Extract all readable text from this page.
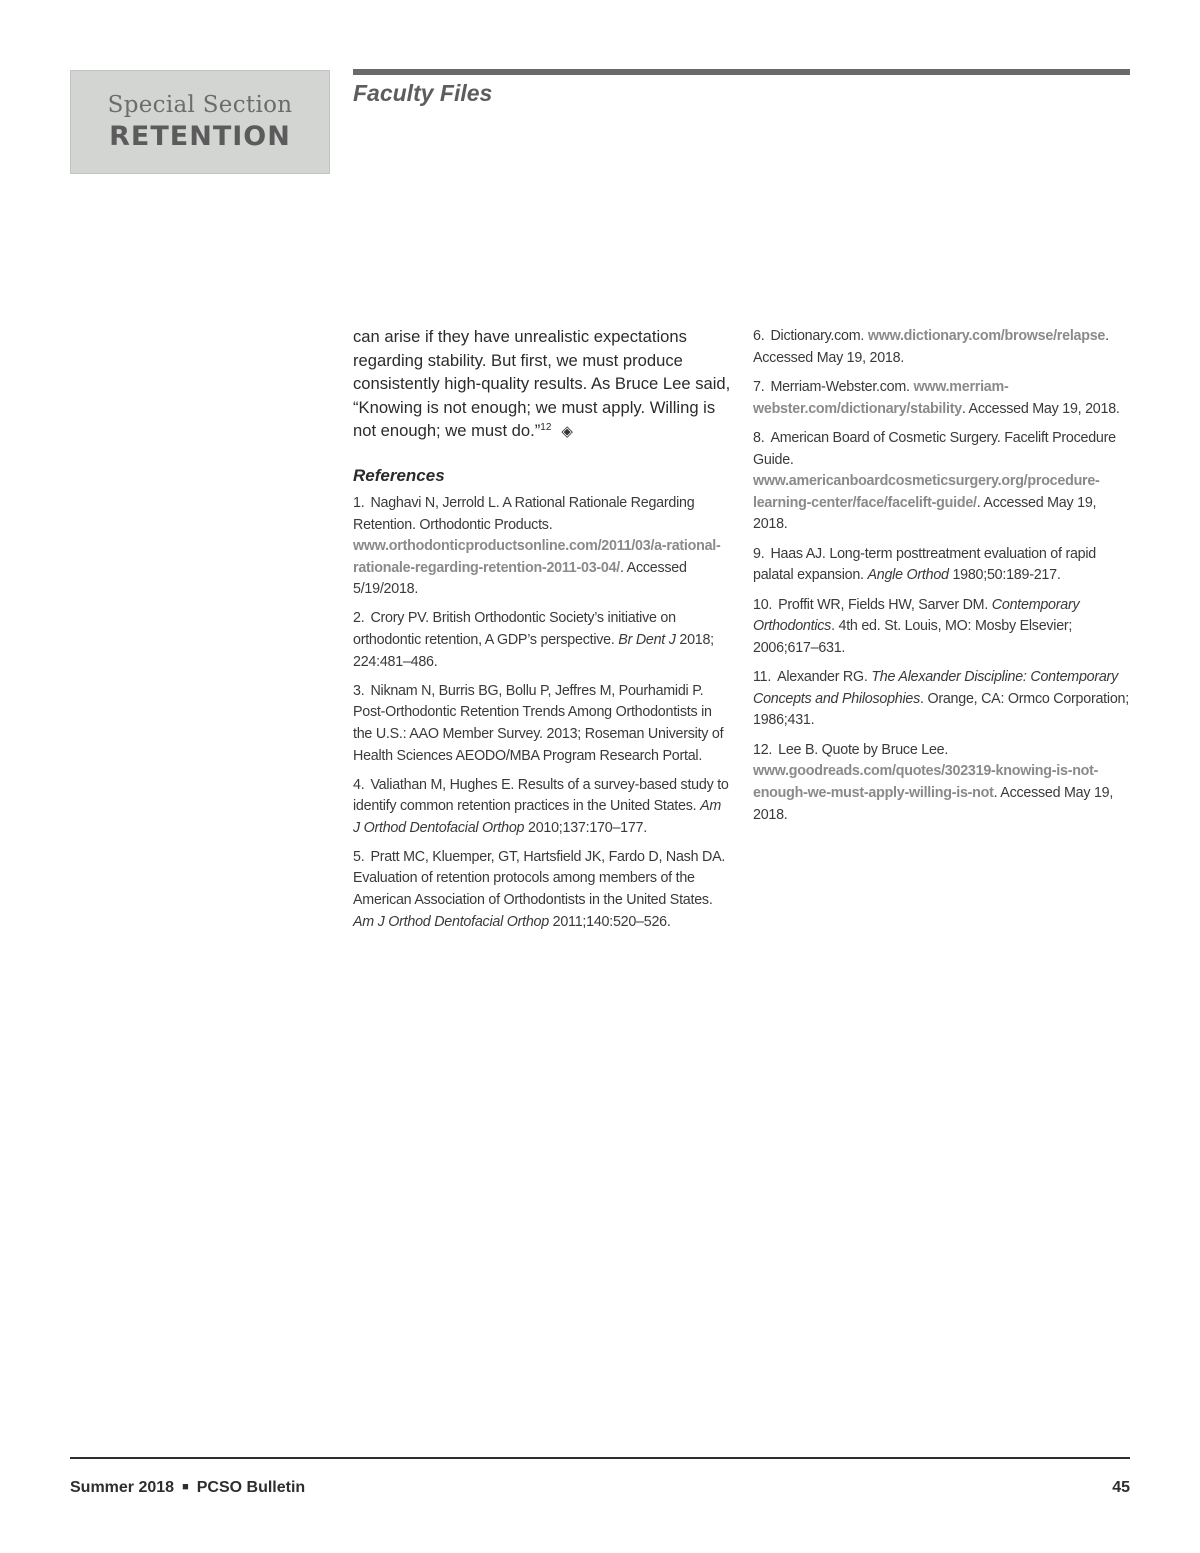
Special Section
RETENTION
Faculty Files

can arise if they have unrealistic expectations regarding stability. But first, we must produce consistently high-quality results. As Bruce Lee said, “Knowing is not enough; we must apply. Willing is not enough; we must do.”$^{12}$ ◈

References

1. Naghavi N, Jerrold L. A Rational Rationale Regarding Retention. Orthodontic Products. www.orthodonticproductsonline.com/2011/03/a-rational-rationale-regarding-retention-2011-03-04/. Accessed 5/19/2018.

2. Crory PV. British Orthodontic Society’s initiative on orthodontic retention, A GDP’s perspective. Br Dent J 2018; 224:481–486.

3. Niknam N, Burris BG, Bollu P, Jeffres M, Pourhamidi P. Post-Orthodontic Retention Trends Among Orthodontists in the U.S.: AAO Member Survey. 2013; Roseman University of Health Sciences AEODO/MBA Program Research Portal.

4. Valiathan M, Hughes E. Results of a survey-based study to identify common retention practices in the United States. Am J Orthod Dentofacial Orthop 2010;137:170–177.

5. Pratt MC, Kluemper, GT, Hartsfield JK, Fardo D, Nash DA. Evaluation of retention protocols among members of the American Association of Orthodontists in the United States. Am J Orthod Dentofacial Orthop 2011;140:520–526.

6. Dictionary.com. www.dictionary.com/browse/relapse. Accessed May 19, 2018.

7. Merriam-Webster.com. www.merriam-webster.com/dictionary/stability. Accessed May 19, 2018.

8. American Board of Cosmetic Surgery. Facelift Procedure Guide. www.americanboardcosmeticsurgery.org/procedure-learning-center/face/facelift-guide/. Accessed May 19, 2018.

9. Haas AJ. Long-term posttreatment evaluation of rapid palatal expansion. Angle Orthod 1980;50:189-217.

10. Proffit WR, Fields HW, Sarver DM. Contemporary Orthodontics. 4th ed. St. Louis, MO: Mosby Elsevier; 2006;617–631.

11. Alexander RG. The Alexander Discipline: Contemporary Concepts and Philosophies. Orange, CA: Ormco Corporation; 1986;431.

12. Lee B. Quote by Bruce Lee. www.goodreads.com/quotes/302319-knowing-is-not-enough-we-must-apply-willing-is-not. Accessed May 19, 2018.

Summer 2018 ■ PCSO Bulletin	45
